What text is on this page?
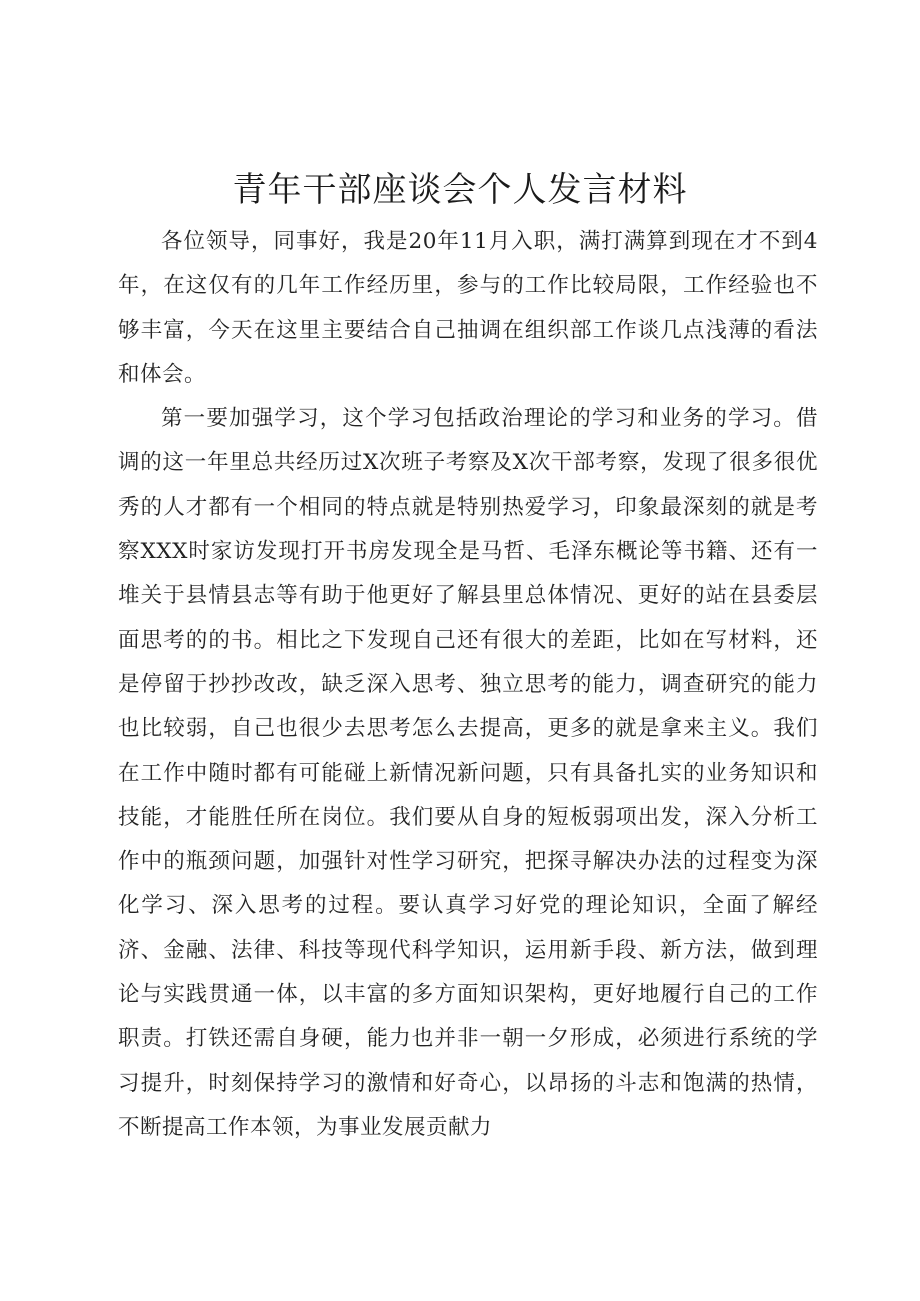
青年干部座谈会个人发言材料

各位领导，同事好，我是20年11月入职，满打满算到现在才不到4年，在这仅有的几年工作经历里，参与的工作比较局限，工作经验也不够丰富，今天在这里主要结合自己抽调在组织部工作谈几点浅薄的看法和体会。

第一要加强学习，这个学习包括政治理论的学习和业务的学习。借调的这一年里总共经历过X次班子考察及X次干部考察，发现了很多很优秀的人才都有一个相同的特点就是特别热爱学习，印象最深刻的就是考察XXX时家访发现打开书房发现全是马哲、毛泽东概论等书籍、还有一堆关于县情县志等有助于他更好了解县里总体情况、更好的站在县委层面思考的的书。相比之下发现自己还有很大的差距，比如在写材料，还是停留于抄抄改改，缺乏深入思考、独立思考的能力，调查研究的能力也比较弱，自己也很少去思考怎么去提高，更多的就是拿来主义。我们在工作中随时都有可能碰上新情况新问题，只有具备扎实的业务知识和技能，才能胜任所在岗位。我们要从自身的短板弱项出发，深入分析工作中的瓶颈问题，加强针对性学习研究，把探寻解决办法的过程变为深化学习、深入思考的过程。要认真学习好党的理论知识，全面了解经济、金融、法律、科技等现代科学知识，运用新手段、新方法，做到理论与实践贯通一体，以丰富的多方面知识架构，更好地履行自己的工作职责。打铁还需自身硬，能力也并非一朝一夕形成，必须进行系统的学习提升，时刻保持学习的激情和好奇心，以昂扬的斗志和饱满的热情，不断提高工作本领，为事业发展贡献力
